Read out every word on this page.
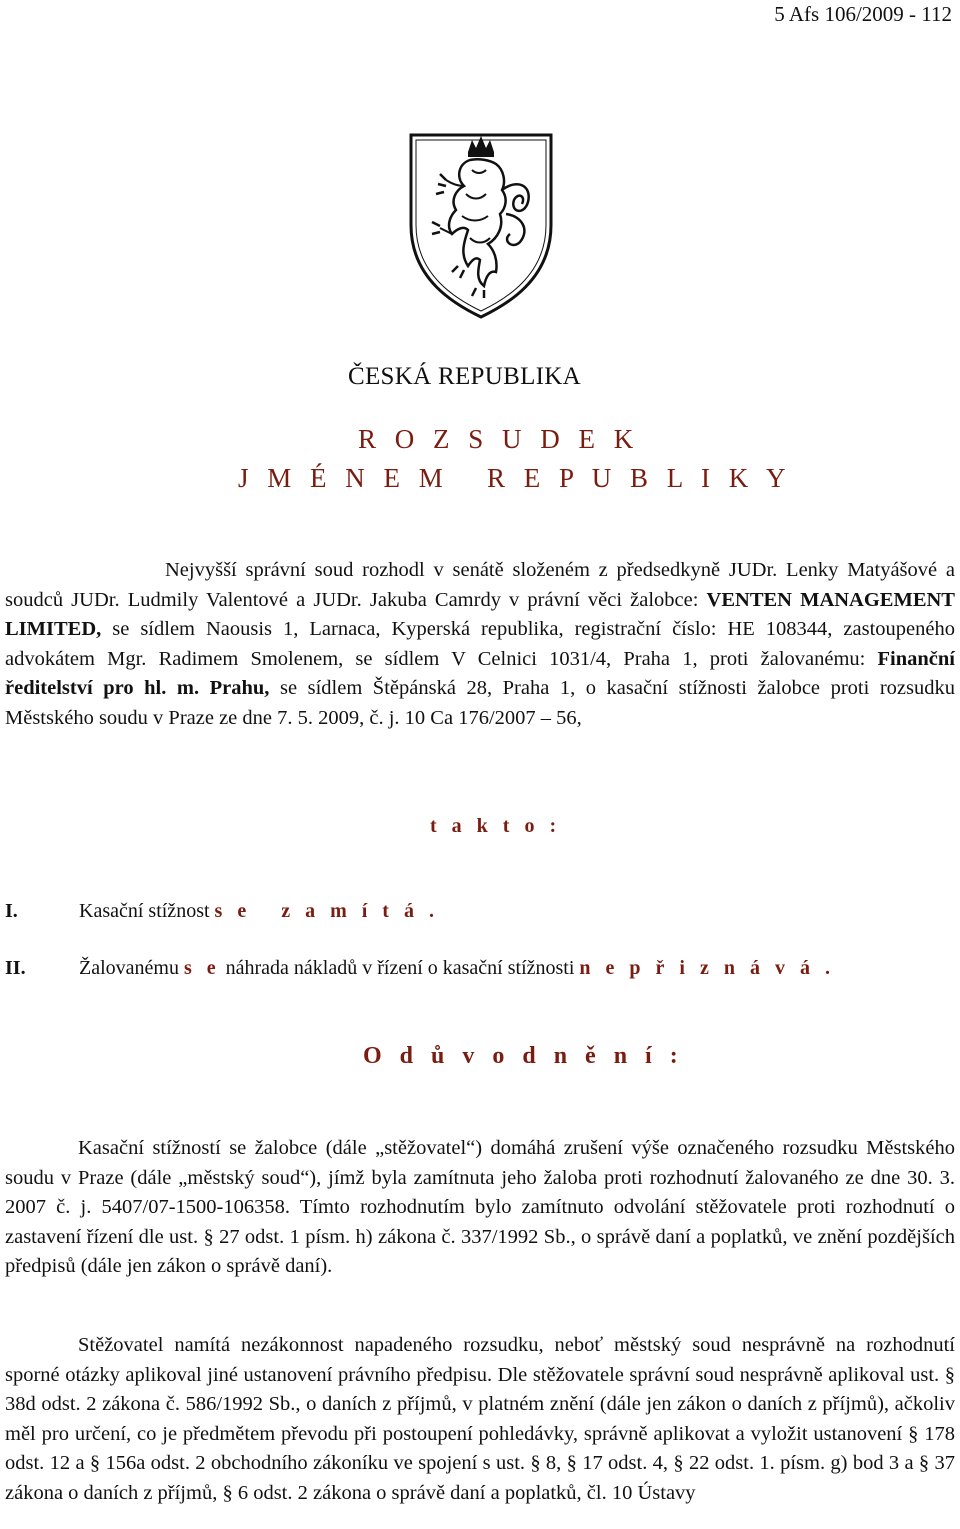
5 Afs 106/2009 - 112
ČESKÁ REPUBLIKA
R O Z S U D E K
J M É N E M   R E P U B L I K Y
Nejvyšší správní soud rozhodl v senátě složeném z předsedkyně JUDr. Lenky Matyášové a soudců JUDr. Ludmily Valentové a JUDr. Jakuba Camrdy v právní věci žalobce: VENTEN MANAGEMENT LIMITED, se sídlem Naousis 1, Larnaca, Kyperská republika, registrační číslo: HE 108344, zastoupeného advokátem Mgr. Radimem Smolenem, se sídlem V Celnici 1031/4, Praha 1, proti žalovanému: Finanční ředitelství pro hl. m. Prahu, se sídlem Štěpánská 28, Praha 1, o kasační stížnosti žalobce proti rozsudku Městského soudu v Praze ze dne 7. 5. 2009, č. j. 10 Ca 176/2007 – 56,
t a k t o :
I.	Kasační stížnost s e   z a m í t á .
II.	Žalovanému s e náhrada nákladů v řízení o kasační stížnosti n e p ř i z n á v á .
O d ů v o d n ě n í :
Kasační stížností se žalobce (dále „stěžovatel“) domáhá zrušení výše označeného rozsudku Městského soudu v Praze (dále „městský soud“), jímž byla zamítnuta jeho žaloba proti rozhodnutí žalovaného ze dne 30. 3. 2007 č. j. 5407/07-1500-106358. Tímto rozhodnutím bylo zamítnuto odvolání stěžovatele proti rozhodnutí o zastavení řízení dle ust. § 27 odst. 1 písm. h) zákona č. 337/1992 Sb., o správě daní a poplatků, ve znění pozdějších předpisů (dále jen zákon o správě daní).
Stěžovatel namítá nezákonnost napadeného rozsudku, neboť městský soud nesprávně na rozhodnutí sporné otázky aplikoval jiné ustanovení právního předpisu. Dle stěžovatele správní soud nesprávně aplikoval ust. § 38d odst. 2 zákona č. 586/1992 Sb., o daních z příjmů, v platném znění (dále jen zákon o daních z příjmů), ačkoliv měl pro určení, co je předmětem převodu při postoupení pohledávky, správně aplikovat a vyložit ustanovení § 178 odst. 12 a § 156a odst. 2 obchodního zákoníku ve spojení s ust. § 8, § 17 odst. 4, § 22 odst. 1. písm. g) bod 3 a § 37 zákona o daních z příjmů, § 6 odst. 2 zákona o správě daní a poplatků, čl. 10 Ústavy
